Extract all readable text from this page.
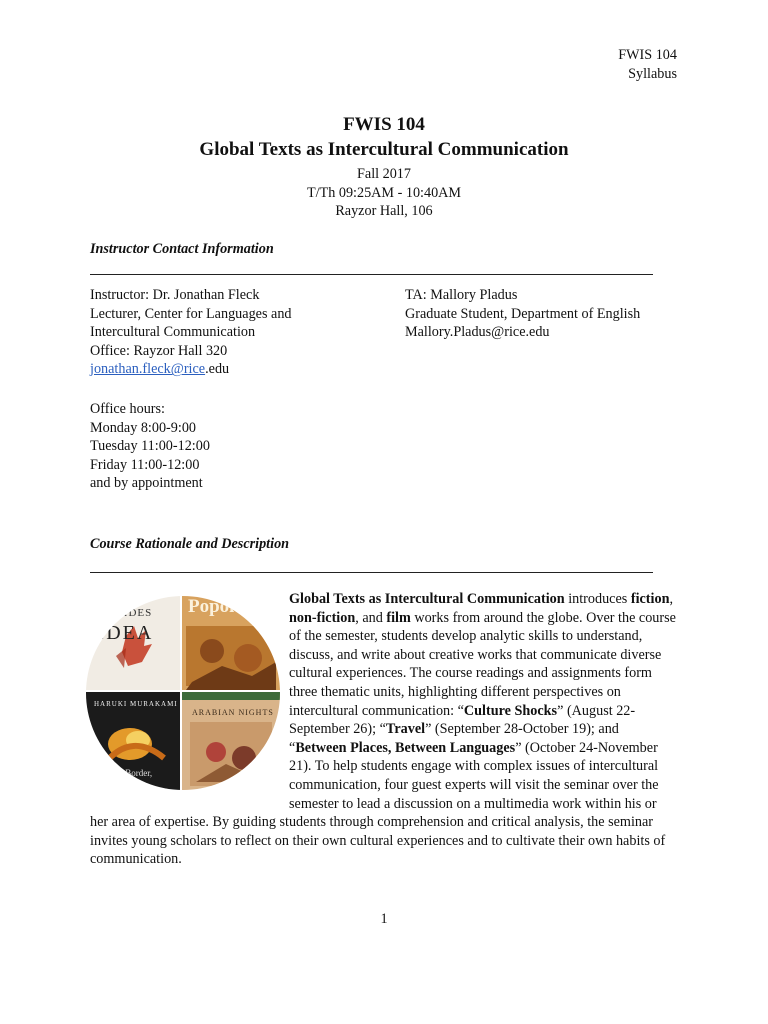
FWIS 104
Syllabus
FWIS 104
Global Texts as Intercultural Communication
Fall 2017
T/Th 09:25AM - 10:40AM
Rayzor Hall, 106
Instructor Contact Information
Instructor: Dr. Jonathan Fleck
Lecturer, Center for Languages and
Intercultural Communication
Office: Rayzor Hall 320
jonathan.fleck@rice.edu
TA: Mallory Pladus
Graduate Student, Department of English
Mallory.Pladus@rice.edu
Office hours:
Monday 8:00-9:00
Tuesday 11:00-12:00
Friday 11:00-12:00
and by appointment
Course Rationale and Description
IPIDES
EDEA
Popol
HARUKI MURAKAMI
the Border,
the Sun
ARABIAN NIGHTS
Global Texts as Intercultural Communication introduces fiction, non-fiction, and film works from around the globe. Over the course of the semester, students develop analytic skills to understand, discuss, and write about creative works that communicate diverse cultural experiences. The course readings and assignments form three thematic units, highlighting different perspectives on intercultural communication: “Culture Shocks” (August 22-September 26); “Travel” (September 28-October 19); and “Between Places, Between Languages” (October 24-November 21). To help students engage with complex issues of intercultural communication, four guest experts will visit the seminar over the semester to lead a discussion on a multimedia work within his or her area of expertise. By guiding students through comprehension and critical analysis, the seminar invites young scholars to reflect on their own cultural experiences and to cultivate their own habits of communication.
1
